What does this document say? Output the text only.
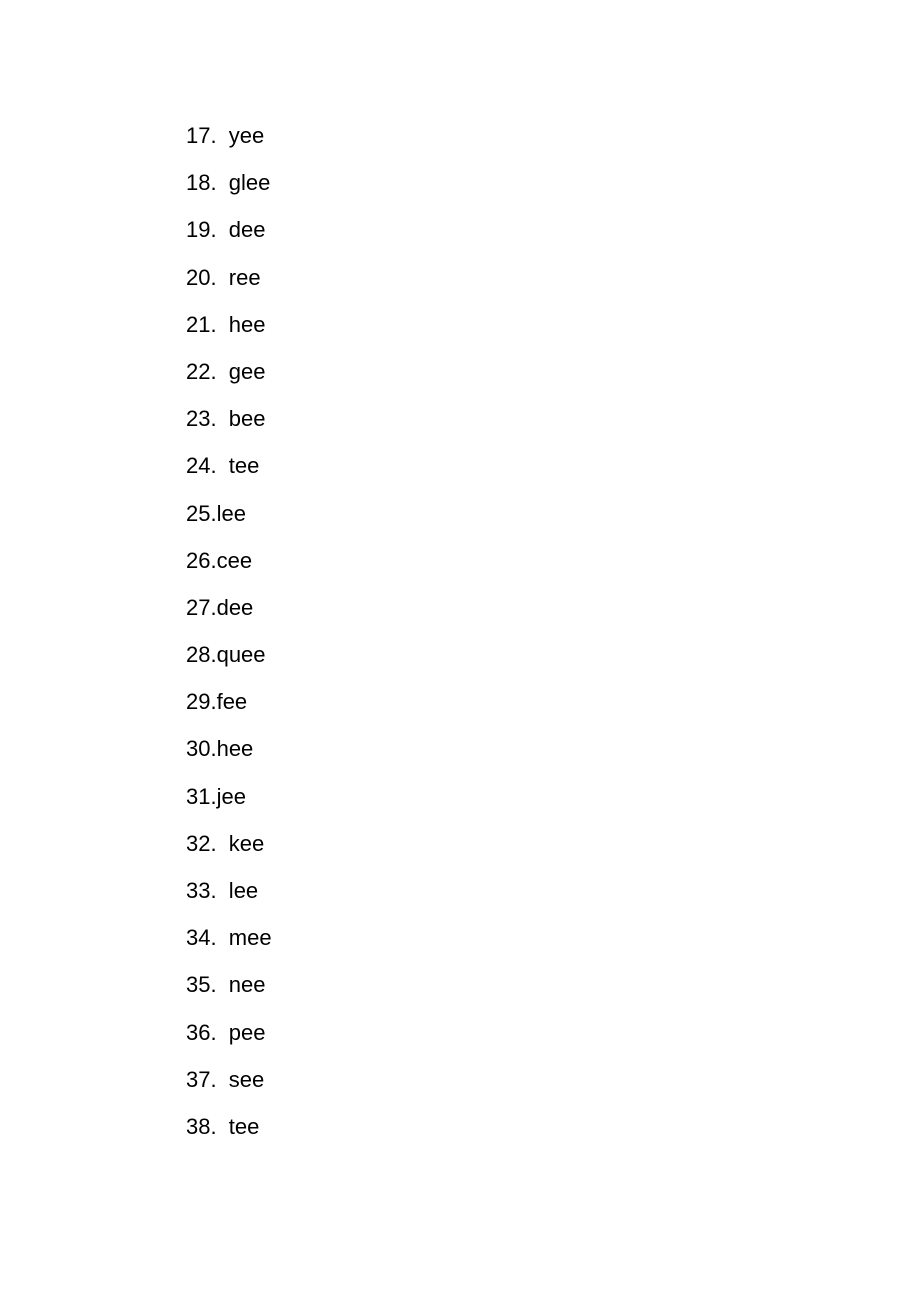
17.  yee
18.  glee
19.  dee
20.  ree
21.  hee
22.  gee
23.  bee
24.  tee
25.lee
26.cee
27.dee
28.quee
29.fee
30.hee
31.jee
32.  kee
33.  lee
34.  mee
35.  nee
36.  pee
37.  see
38.  tee
